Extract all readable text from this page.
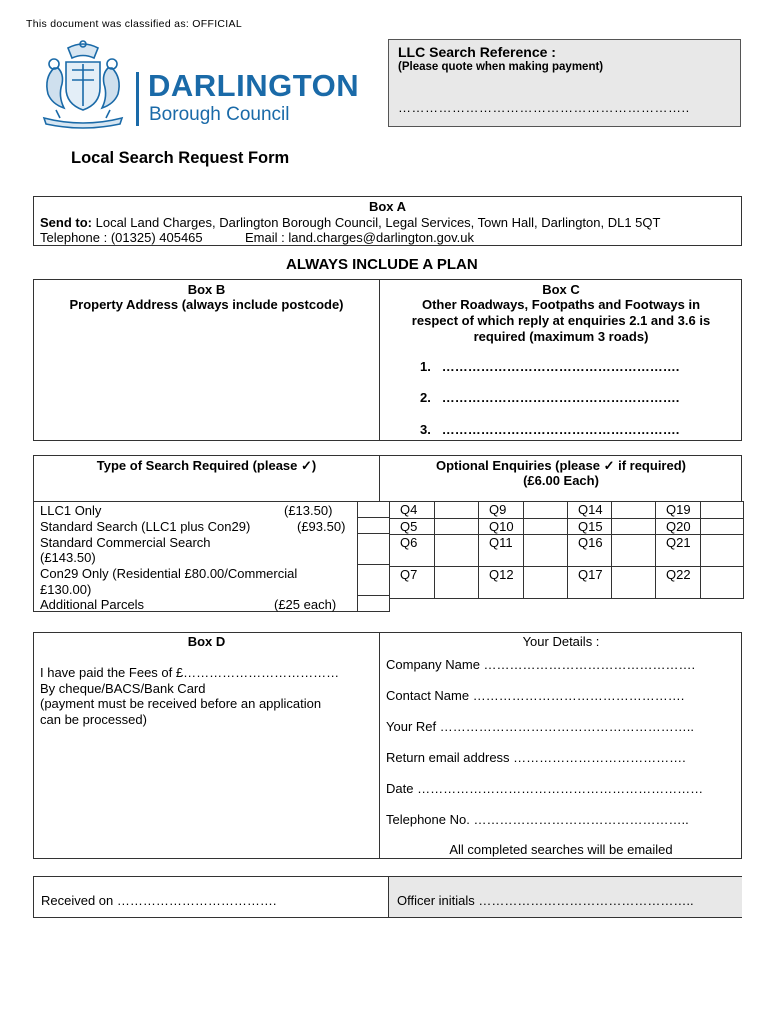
This document was classified as: OFFICIAL
DARLINGTON
Borough Council
LLC Search Reference :
(Please quote when making payment)
………………………………………………………..
Local Search Request Form
Box A
Send to: Local Land Charges, Darlington Borough Council, Legal Services, Town Hall, Darlington, DL1 5QT
Telephone : (01325) 405465	Email : land.charges@darlington.gov.uk
ALWAYS INCLUDE A PLAN
Box B
Property Address (always include postcode)
Box C
Other Roadways, Footpaths and Footways in
respect of which reply at enquiries 2.1 and 3.6 is
required (maximum 3 roads)
1. ……………………………………………….
2. ……………………………………………….
3. ……………………………………………….
Type of Search Required (please ✓)	Optional Enquiries (please ✓ if required)
(£6.00 Each)
LLC1 Only	(£13.50)
Standard Search (LLC1 plus Con29)	(£93.50)
Standard Commercial Search
(£143.50)
Con29 Only (Residential £80.00/Commercial
£130.00)
Additional Parcels	(£25 each)
Q4	Q9	Q14	Q19
Q5	Q10	Q15	Q20
Q6	Q11	Q16	Q21
Q7	Q12	Q17	Q22
Box D
I have paid the Fees of £………………………………
By cheque/BACS/Bank Card
(payment must be received before an application
can be processed)
Your Details :
Company Name ………………………………………….
Contact Name ………………………………………….
Your Ref …………………………………………………..
Return email address ………………………………….
Date …………………………………………………………
Telephone No. …………………………………………..
All completed searches will be emailed
Received on ……………………………….	Officer initials …………………………………………..
